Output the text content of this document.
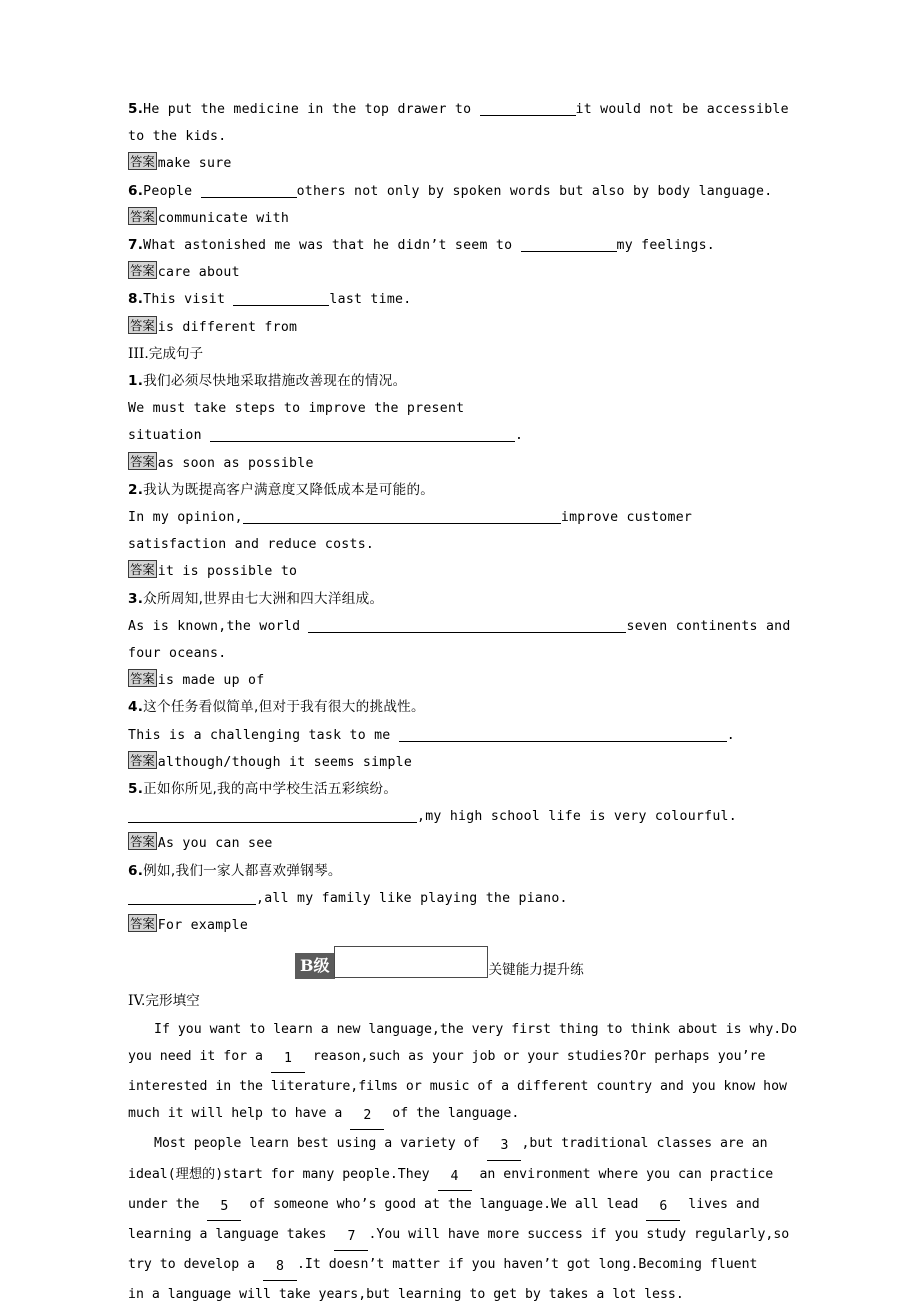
5.He put the medicine in the top drawer to	it would not be accessible
to the kids.
答案 make sure
6.People	others not only by spoken words but also by body language.
答案 communicate with
7.What astonished me was that he didn’t seem to	my feelings.
答案 care about
8.This visit	last time.
答案 is different from
III.完成句子
1.我们必须尽快地采取措施改善现在的情况。
We must take steps to improve the present
situation	.
答案 as soon as possible
2.我认为既提高客户满意度又降低成本是可能的。
In my opinion,	improve customer
satisfaction and reduce costs.
答案 it is possible to
3.众所周知,世界由七大洲和四大洋组成。
As is known,the world	seven continents and
four oceans.
答案 is made up of
4.这个任务看似简单,但对于我有很大的挑战性。
This is a challenging task to me	.
答案 although/though it seems simple
5.正如你所见,我的高中学校生活五彩缤纷。
,my high school life is very colourful.
答案 As you can see
6.例如,我们一家人都喜欢弹钢琴。
,all my family like playing the piano.
答案 For example
B级	关键能力提升练
IV.完形填空
If you want to learn a new language,the very first thing to think about is why.Do
you need it for a 1 reason,such as your job or your studies?Or perhaps you’re
interested in the literature,films or music of a different country and you know how
much it will help to have a 2 of the language.
Most people learn best using a variety of 3 ,but traditional classes are an
ideal(理想的)start for many people.They 4 an environment where you can practice
under the 5 of someone who’s good at the language.We all lead 6 lives and
learning a language takes 7 .You will have more success if you study regularly,so
try to develop a 8 .It doesn’t matter if you haven’t got long.Becoming fluent
in a language will take years,but learning to get by takes a lot less.
